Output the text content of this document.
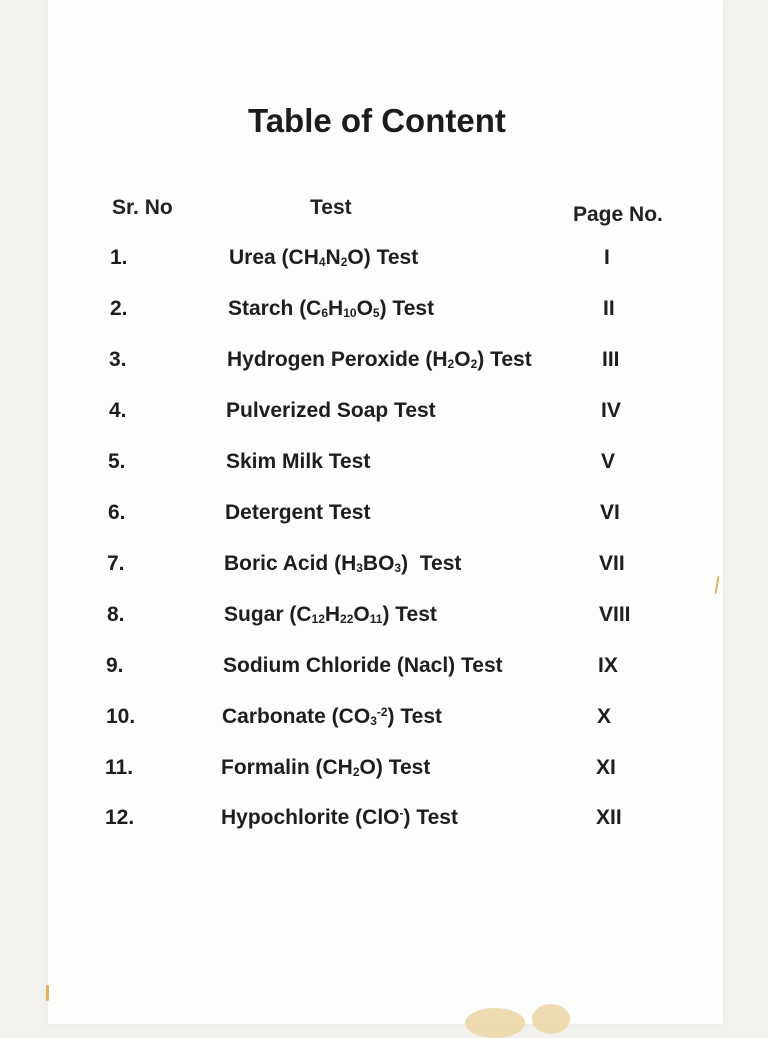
Table of Content
Sr. No	Test	Page No.
1.	Urea $(CH_4N_2O)$ Test	I
2.	Starch $(C_6H_{10}O_5)$ Test	II
3.	Hydrogen Peroxide $(H_2O_2)$ Test	III
4.	Pulverized Soap Test	IV
5.	Skim Milk Test	V
6.	Detergent Test	VI
7.	Boric Acid $(H_3BO_3)$  Test	VII
8.	Sugar $(C_{12}H_{22}O_{11})$ Test	VIII
9.	Sodium Chloride (Nacl) Test	IX
10.	Carbonate $(CO_3^{-2})$ Test	X
11.	Formalin $(CH_2O)$ Test	XI
12.	Hypochlorite (ClO-) Test	XII
